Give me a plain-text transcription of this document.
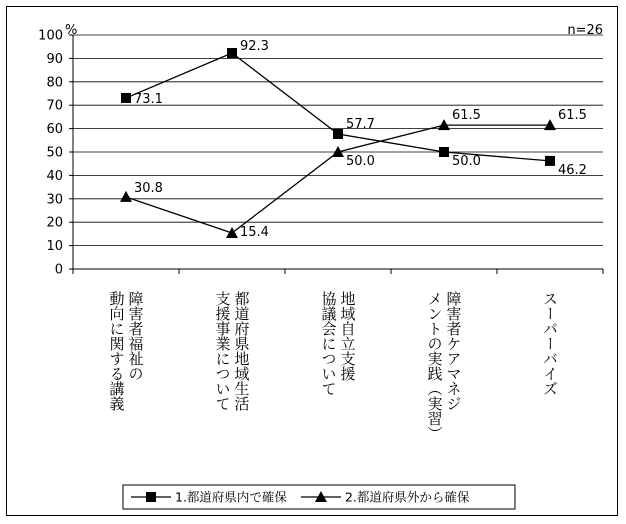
0
10
20
30
40
50
60
70
80
90
100 %	n=26
73.1
92.3
57.7
50.0
46.2
30.8
15.4
50.0
61.5	61.5
障害者福祉の
動向に関する講義	都道府県地域生活
支援事業について	地域自立支援
協議会について	障害者ケアマネジ
メントの実践（実習）	スーパーバイズ
1.都道府県内で確保	2.都道府県外から確保
